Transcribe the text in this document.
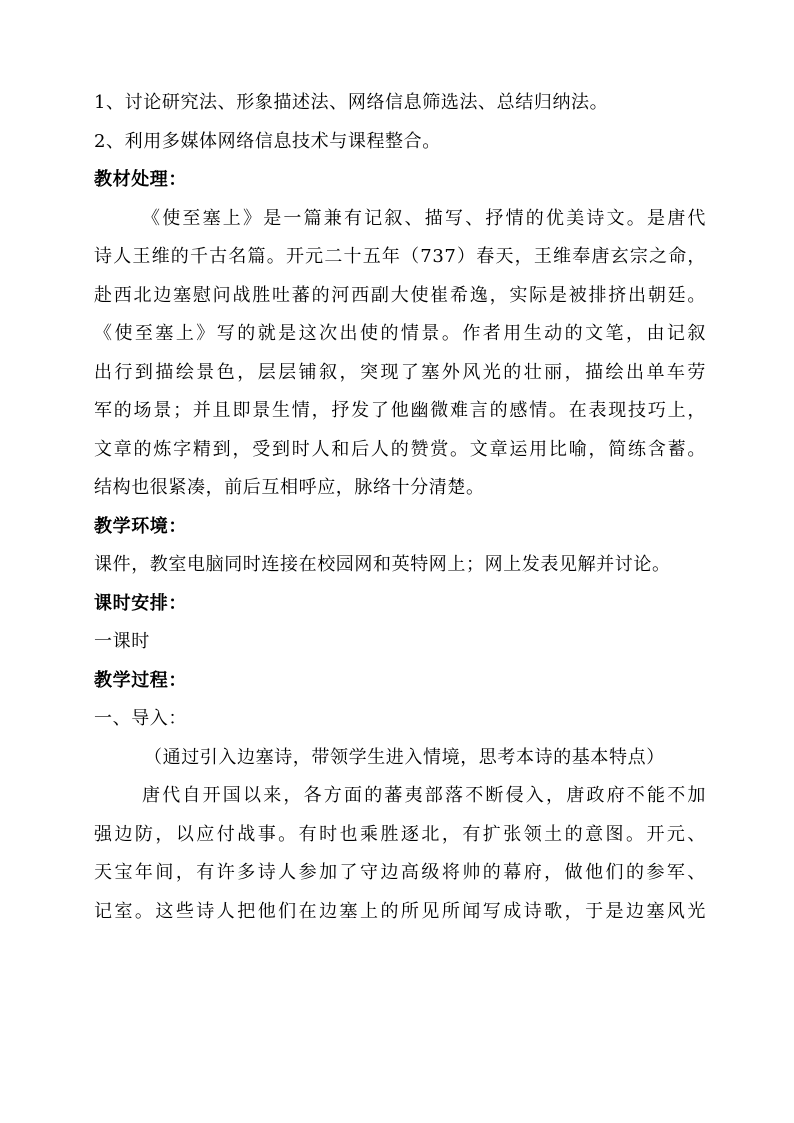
1、讨论研究法、形象描述法、网络信息筛选法、总结归纳法。
2、利用多媒体网络信息技术与课程整合。
教材处理：
《使至塞上》是一篇兼有记叙、描写、抒情的优美诗文。是唐代
诗人王维的千古名篇。开元二十五年（737）春天，王维奉唐玄宗之命，
赴西北边塞慰问战胜吐蕃的河西副大使崔希逸，实际是被排挤出朝廷。
《使至塞上》写的就是这次出使的情景。作者用生动的文笔，由记叙
出行到描绘景色，层层铺叙，突现了塞外风光的壮丽，描绘出单车劳
军的场景；并且即景生情，抒发了他幽微难言的感情。在表现技巧上，
文章的炼字精到，受到时人和后人的赞赏。文章运用比喻，简练含蓄。
结构也很紧凑，前后互相呼应，脉络十分清楚。
教学环境：
课件，教室电脑同时连接在校园网和英特网上；网上发表见解并讨论。
课时安排：
一课时
教学过程：
一、导入：
（通过引入边塞诗，带领学生进入情境，思考本诗的基本特点）
唐代自开国以来，各方面的蕃夷部落不断侵入，唐政府不能不加
强边防，以应付战事。有时也乘胜逐北，有扩张领土的意图。开元、
天宝年间，有许多诗人参加了守边高级将帅的幕府，做他们的参军、
记室。这些诗人把他们在边塞上的所见所闻写成诗歌，于是边塞风光
